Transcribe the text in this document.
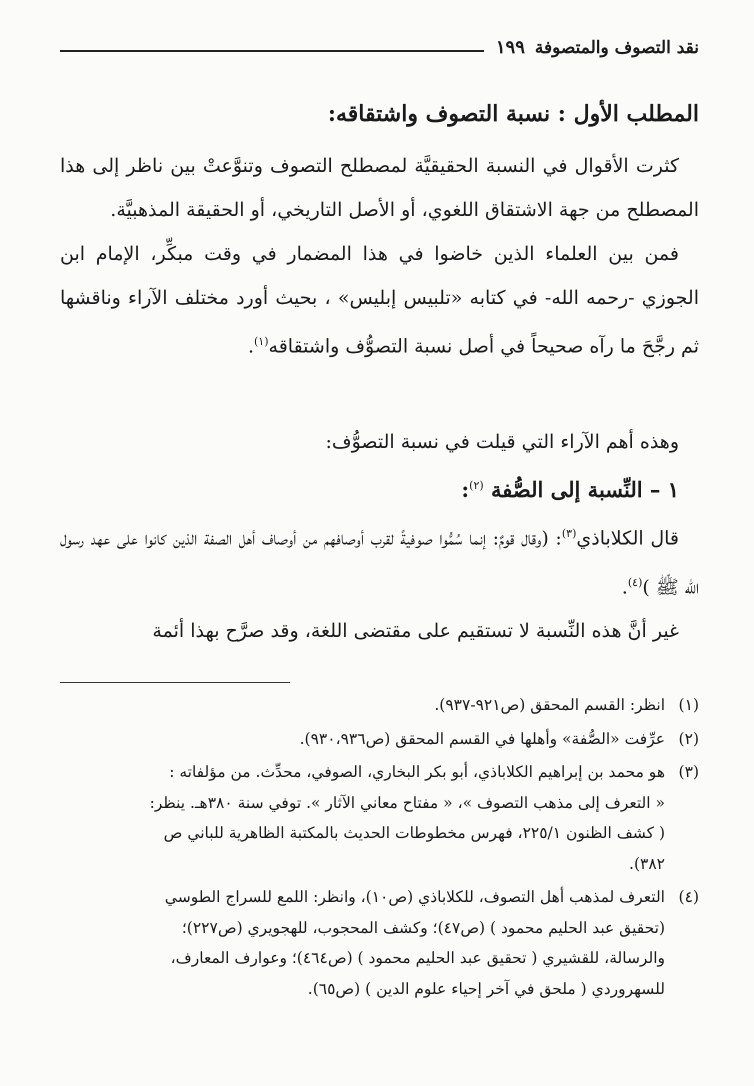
نقد التصوف والمتصوفة
١٩٩
المطلب الأول : نسبة التصوف واشتقاقه:

كثرت الأقوال في النسبة الحقيقيَّة لمصطلح التصوف وتنوَّعتْ بين ناظر إلى هذا المصطلح من جهة الاشتقاق اللغوي، أو الأصل التاريخي، أو الحقيقة المذهبيَّة.

فمن بين العلماء الذين خاضوا في هذا المضمار في وقت مبكِّر، الإمام ابن الجوزي -رحمه الله- في كتابه «تلبيس إبليس» ، بحيث أورد مختلف الآراء وناقشها ثم رجَّحَ ما رآه صحيحاً في أصل نسبة التصوُّف واشتقاقه$^{(١)}$.

وهذه أهم الآراء التي قيلت في نسبة التصوُّف:

١ – النِّسبة إلى الصُّفة $^{(٢)}$:

قال الكلاباذي$^{(٣)}$: (وقال قومٌ: إنما سُمُّوا صوفيةً لقرب أوصافهم من أوصاف أهل الصفة الذين كانوا على عهد رسول الله ﷺ )$^{(٤)}$.

غير أنَّ هذه النِّسبة لا تستقيم على مقتضى اللغة، وقد صرَّح بهذا أئمة

(١)
انظر: القسم المحقق (ص٩٢١-٩٣٧).
(٢)
عرِّفت «الصُّفة» وأهلها في القسم المحقق (ص٩٣٠،٩٣٦).
(٣)
هو محمد بن إبراهيم الكلاباذي، أبو بكر البخاري، الصوفي، محدِّث. من مؤلفاته :
« التعرف إلى مذهب التصوف »، « مفتاح معاني الآثار ». توفي سنة ٣٨٠هـ. ينظر:
( كشف الظنون ٢٢٥/١، فهرس مخطوطات الحديث بالمكتبة الظاهرية للباني ص
٣٨٢).
(٤)
التعرف لمذهب أهل التصوف، للكلاباذي (ص١٠)، وانظر: اللمع للسراج الطوسي
(تحقيق عبد الحليم محمود ) (ص٤٧)؛ وكشف المحجوب، للهجويري (ص٢٢٧)؛
والرسالة، للقشيري ( تحقيق عبد الحليم محمود ) (ص٤٦٤)؛ وعوارف المعارف،
للسهروردي ( ملحق في آخر إحياء علوم الدين ) (ص٦٥).
